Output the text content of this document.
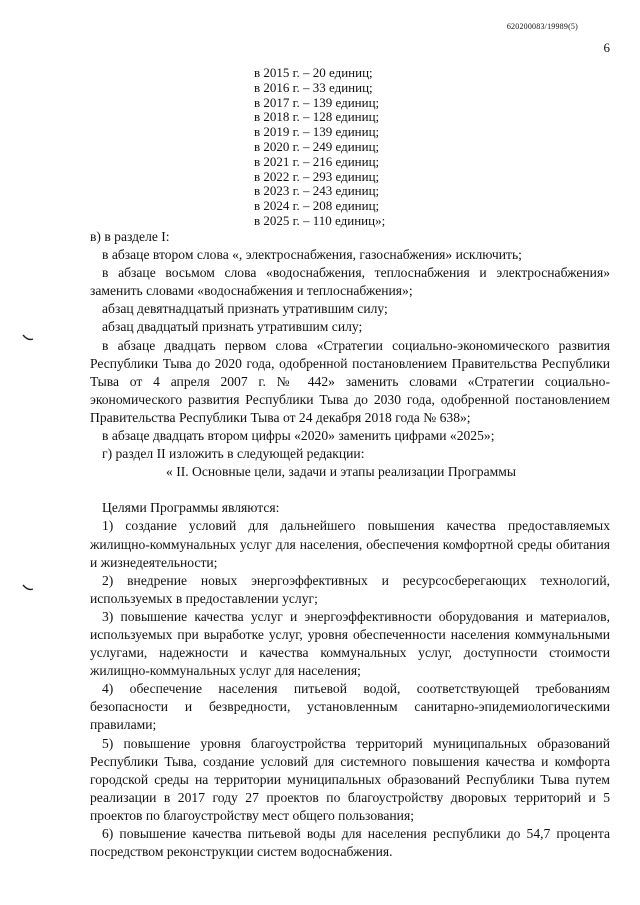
620200083/19989(5)
6
в 2015 г. – 20 единиц;
в 2016 г. – 33 единиц;
в 2017 г. – 139 единиц;
в 2018 г. – 128 единиц;
в 2019 г. – 139 единиц;
в 2020 г. – 249 единиц;
в 2021 г. – 216 единиц;
в 2022 г. – 293 единиц;
в 2023 г. – 243 единиц;
в 2024 г. – 208 единиц;
в 2025 г. – 110 единиц»;

в) в разделе I:

в абзаце втором слова «, электроснабжения, газоснабжения» исключить;

в абзаце восьмом слова «водоснабжения, теплоснабжения и электроснабжения» заменить словами «водоснабжения и теплоснабжения»;

абзац девятнадцатый признать утратившим силу;

абзац двадцатый признать утратившим силу;

в абзаце двадцать первом слова «Стратегии социально-экономического развития Республики Тыва до 2020 года, одобренной постановлением Правительства Республики Тыва от 4 апреля 2007 г. № 442» заменить словами «Стратегии социально-экономического развития Республики Тыва до 2030 года, одобренной постановлением Правительства Республики Тыва от 24 декабря 2018 года № 638»;

в абзаце двадцать втором цифры «2020» заменить цифрами «2025»;

г) раздел II изложить в следующей редакции:

« II. Основные цели, задачи и этапы реализации Программы

Целями Программы являются:

1) создание условий для дальнейшего повышения качества предоставляемых жилищно-коммунальных услуг для населения, обеспечения комфортной среды обитания и жизнедеятельности;

2) внедрение новых энергоэффективных и ресурсосберегающих технологий, используемых в предоставлении услуг;

3) повышение качества услуг и энергоэффективности оборудования и материалов, используемых при выработке услуг, уровня обеспеченности населения коммунальными услугами, надежности и качества коммунальных услуг, доступности стоимости жилищно-коммунальных услуг для населения;

4) обеспечение населения питьевой водой, соответствующей требованиям безопасности и безвредности, установленным санитарно-эпидемиологическими правилами;

5) повышение уровня благоустройства территорий муниципальных образований Республики Тыва, создание условий для системного повышения качества и комфорта городской среды на территории муниципальных образований Республики Тыва путем реализации в 2017 году 27 проектов по благоустройству дворовых территорий и 5 проектов по благоустройству мест общего пользования;

6) повышение качества питьевой воды для населения республики до 54,7 процента посредством реконструкции систем водоснабжения.
